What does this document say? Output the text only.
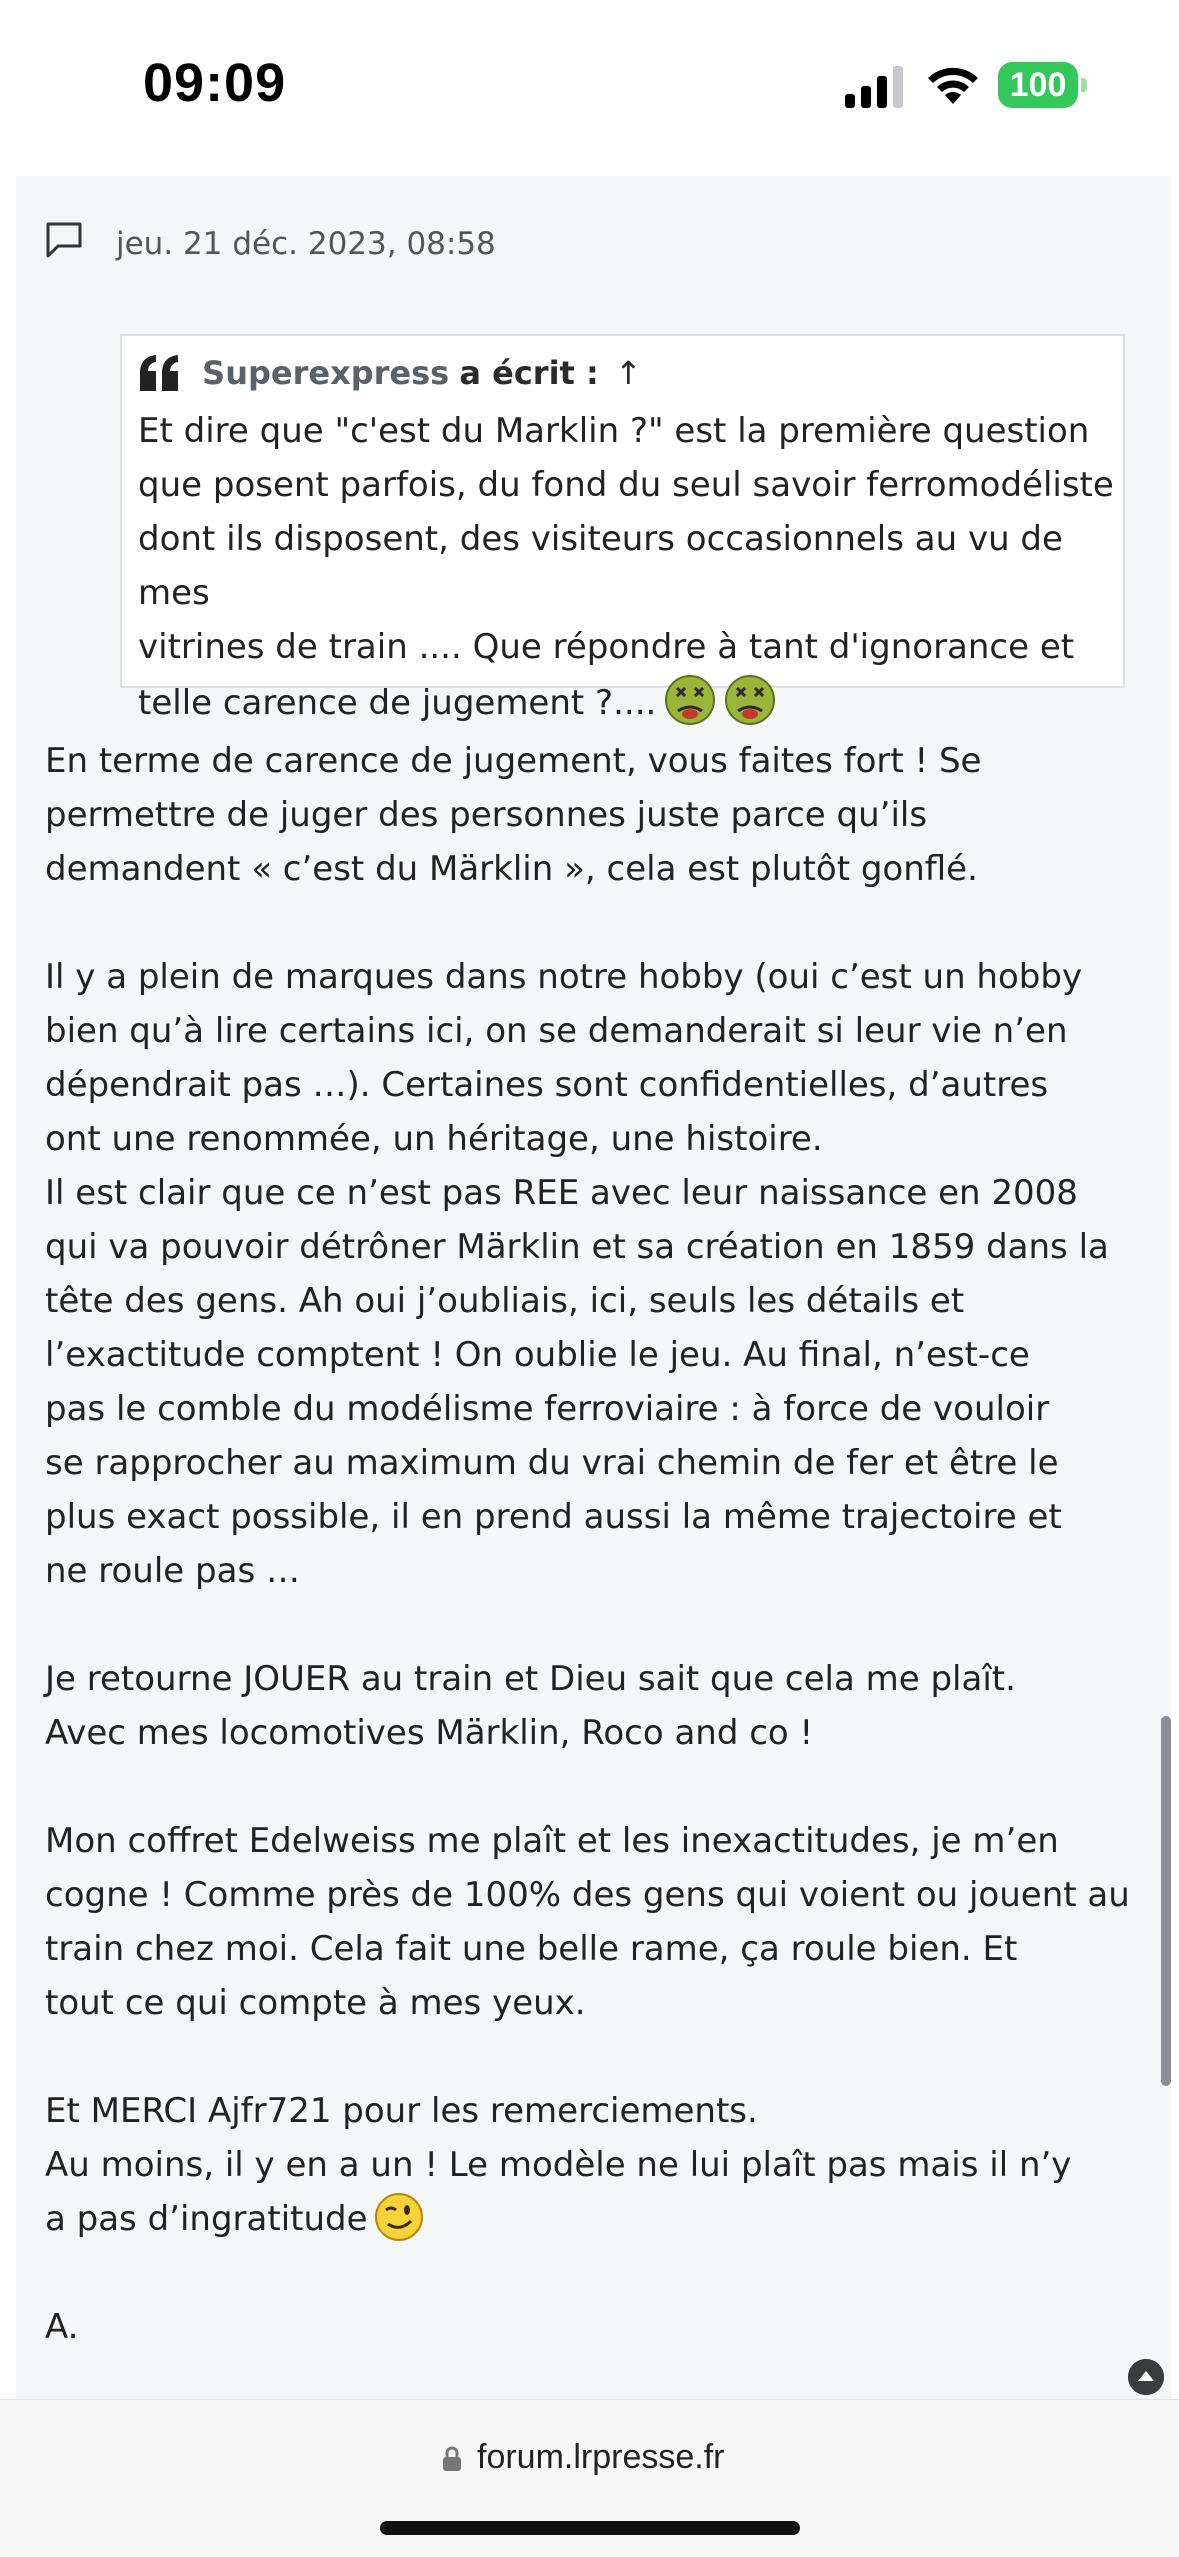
09:09	100
jeu. 21 déc. 2023, 08:58
Superexpress a écrit : ↑

Et dire que "c'est du Marklin ?" est la première question
que posent parfois, du fond du seul savoir ferromodéliste
dont ils disposent, des visiteurs occasionnels au vu de mes
vitrines de train .... Que répondre à tant d'ignorance et
telle carence de jugement ?....

En terme de carence de jugement, vous faites fort ! Se
permettre de juger des personnes juste parce qu’ils
demandent « c’est du Märklin », cela est plutôt gonflé.

Il y a plein de marques dans notre hobby (oui c’est un hobby
bien qu’à lire certains ici, on se demanderait si leur vie n’en
dépendrait pas …). Certaines sont confidentielles, d’autres
ont une renommée, un héritage, une histoire.
Il est clair que ce n’est pas REE avec leur naissance en 2008
qui va pouvoir détrôner Märklin et sa création en 1859 dans la
tête des gens. Ah oui j’oubliais, ici, seuls les détails et
l’exactitude comptent ! On oublie le jeu. Au final, n’est-ce
pas le comble du modélisme ferroviaire : à force de vouloir
se rapprocher au maximum du vrai chemin de fer et être le
plus exact possible, il en prend aussi la même trajectoire et
ne roule pas …

Je retourne JOUER au train et Dieu sait que cela me plaît.
Avec mes locomotives Märklin, Roco and co !

Mon coffret Edelweiss me plaît et les inexactitudes, je m’en
cogne ! Comme près de 100% des gens qui voient ou jouent au
train chez moi. Cela fait une belle rame, ça roule bien. Et
tout ce qui compte à mes yeux.

Et MERCI Ajfr721 pour les remerciements.
Au moins, il y en a un ! Le modèle ne lui plaît pas mais il n’y
a pas d’ingratitude

A.

forum.lrpresse.fr
